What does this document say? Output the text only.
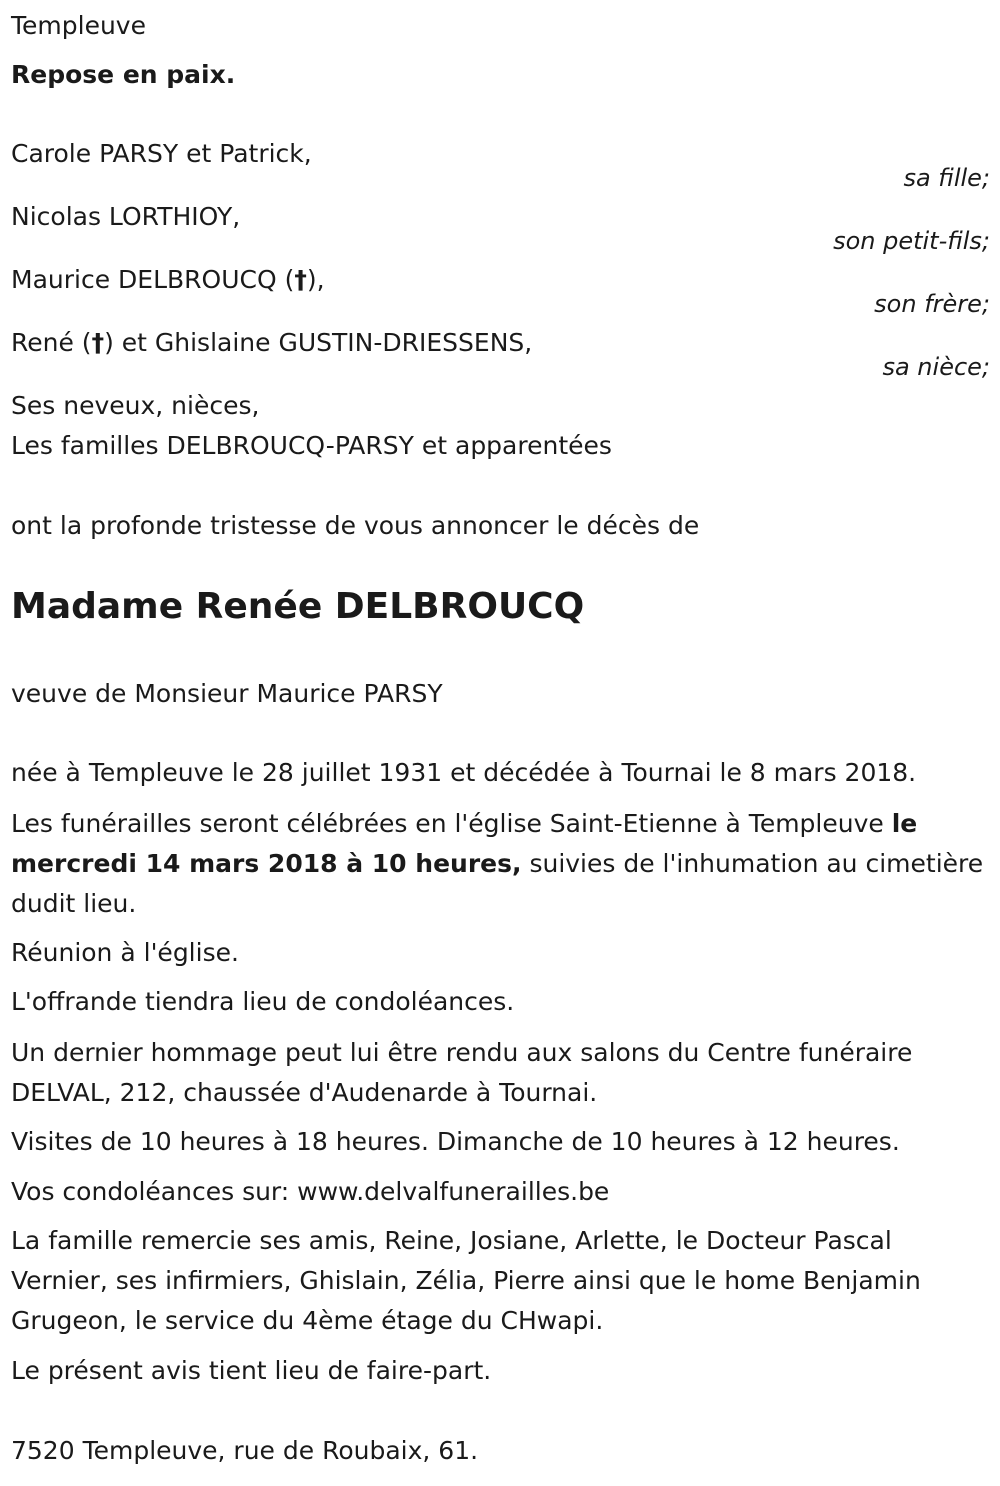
Templeuve
Repose en paix.
Carole PARSY et Patrick,
sa fille;
Nicolas LORTHIOY,
son petit-fils;
Maurice DELBROUCQ (†),
son frère;
René (†) et Ghislaine GUSTIN-DRIESSENS,
sa nièce;
Ses neveux, nièces,
Les familles DELBROUCQ-PARSY et apparentées
ont la profonde tristesse de vous annoncer le décès de
Madame Renée DELBROUCQ
veuve de Monsieur Maurice PARSY
née à Templeuve le 28 juillet 1931 et décédée à Tournai le 8 mars 2018.
Les funérailles seront célébrées en l'église Saint-Etienne à Templeuve le
mercredi 14 mars 2018 à 10 heures, suivies de l'inhumation au cimetière
dudit lieu.
Réunion à l'église.
L'offrande tiendra lieu de condoléances.
Un dernier hommage peut lui être rendu aux salons du Centre funéraire
DELVAL, 212, chaussée d'Audenarde à Tournai.
Visites de 10 heures à 18 heures. Dimanche de 10 heures à 12 heures.
Vos condoléances sur: www.delvalfunerailles.be
La famille remercie ses amis, Reine, Josiane, Arlette, le Docteur Pascal
Vernier, ses infirmiers, Ghislain, Zélia, Pierre ainsi que le home Benjamin
Grugeon, le service du 4ème étage du CHwapi.
Le présent avis tient lieu de faire-part.
7520 Templeuve, rue de Roubaix, 61.
